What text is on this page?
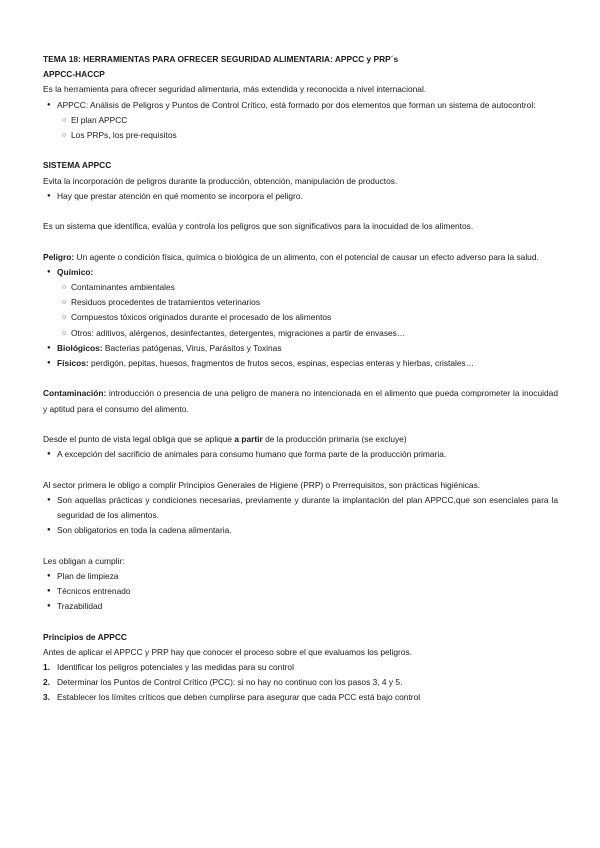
TEMA 18: HERRAMIENTAS PARA OFRECER SEGURIDAD ALIMENTARIA: APPCC y PRP´s

APPCC-HACCP

Es la herramienta para ofrecer seguridad alimentaria, más extendida y reconocida a nivel internacional.

● APPCC: Análisis de Peligros y Puntos de Control Crítico, está formado por dos elementos que forman un sistema de autocontrol:

○ El plan APPCC

○ Los PRPs, los pre-requisitos

SISTEMA APPCC

Evita la incorporación de peligros durante la producción, obtención, manipulación de productos.

● Hay que prestar atención en qué momento se incorpora el peligro.

Es un sistema que identifica, evalúa y controla los peligros que son significativos para la inocuidad de los alimentos.

Peligro: Un agente o condición física, química o biológica de un alimento, con el potencial de causar un efecto adverso para la salud.

● Químico:

○ Contaminantes ambientales

○ Residuos procedentes de tratamientos veterinarios

○ Compuestos tóxicos originados durante el procesado de los alimentos

○ Otros: aditivos, alérgenos, desinfectantes, detergentes, migraciones a partir de envases…

● Biológicos: Bacterias patógenas, Virus, Parásitos y Toxinas

● Físicos: perdigón, pepitas, huesos, fragmentos de frutos secos, espinas, especias enteras y hierbas, cristales…

Contaminación: introducción o presencia de una peligro de manera no intencionada en el alimento que pueda comprometer la inocuidad y aptitud para el consumo del alimento.

Desde el punto de vista legal obliga que se aplique a partir de la producción primaria (se excluye)

● A excepción del sacrificio de animales para consumo humano que forma parte de la producción primaria.

Al sector primera le obligo a complir Principios Generales de Higiene (PRP) o Prerrequisitos, son prácticas higiénicas.

● Son aquellas prácticas y condiciones necesarias, previamente y durante la implantación del plan APPCC,que son esenciales para la seguridad de los alimentos.

● Son obligatorios en toda la cadena alimentaria.

Les obligan a cumplir:

● Plan de limpieza

● Técnicos entrenado

● Trazabilidad

Principios de APPCC

Antes de aplicar el APPCC y PRP hay que conocer el proceso sobre el que evaluamos los peligros.

1. Identificar los peligros potenciales y las medidas para su control

2. Determinar los Puntos de Control Crítico (PCC): si no hay no continuo con los pasos 3, 4 y 5.

3. Establecer los límites críticos que deben cumplirse para asegurar que cada PCC está bajo control
